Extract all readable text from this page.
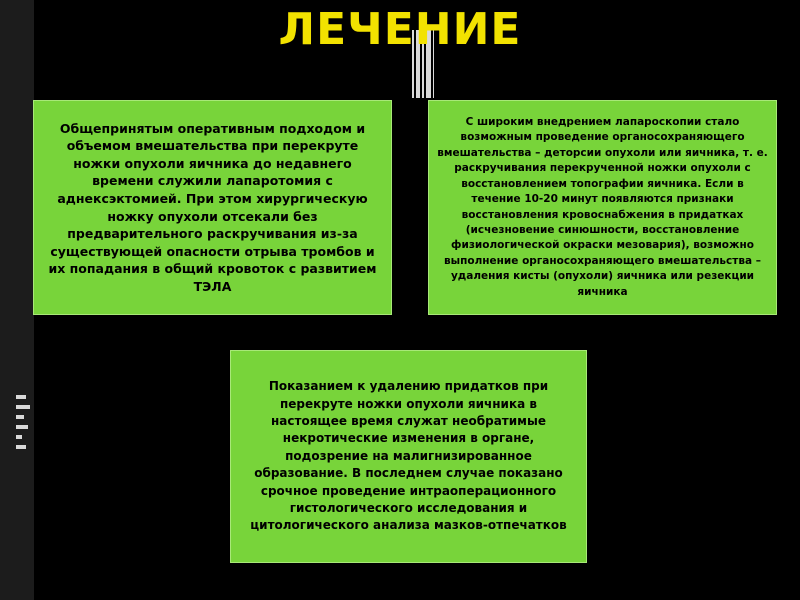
ЛЕЧЕНИЕ

Общепринятым оперативным подходом и объемом вмешательства при перекруте ножки опухоли яичника до недавнего времени служили лапаротомия с аднексэктомией. При этом хирургическую ножку опухоли отсекали без предварительного раскручивания из-за существующей опасности отрыва тромбов и их попадания в общий кровоток с развитием ТЭЛА

С широким внедрением лапароскопии стало возможным проведение органосохраняющего вмешательства – деторсии опухоли или яичника, т. е. раскручивания перекрученной ножки опухоли с восстановлением топографии яичника. Если в течение 10-20 минут появляются признаки восстановления кровоснабжения в придатках (исчезновение синюшности, восстановление физиологической окраски мезовария), возможно выполнение органосохраняющего вмешательства – удаления кисты (опухоли) яичника или резекции яичника

Показанием к удалению придатков при перекруте ножки опухоли яичника в настоящее время служат необратимые некротические изменения в органе, подозрение на малигнизированное образование. В последнем случае показано срочное проведение интраоперационного гистологического исследования и цитологического анализа мазков-отпечатков
